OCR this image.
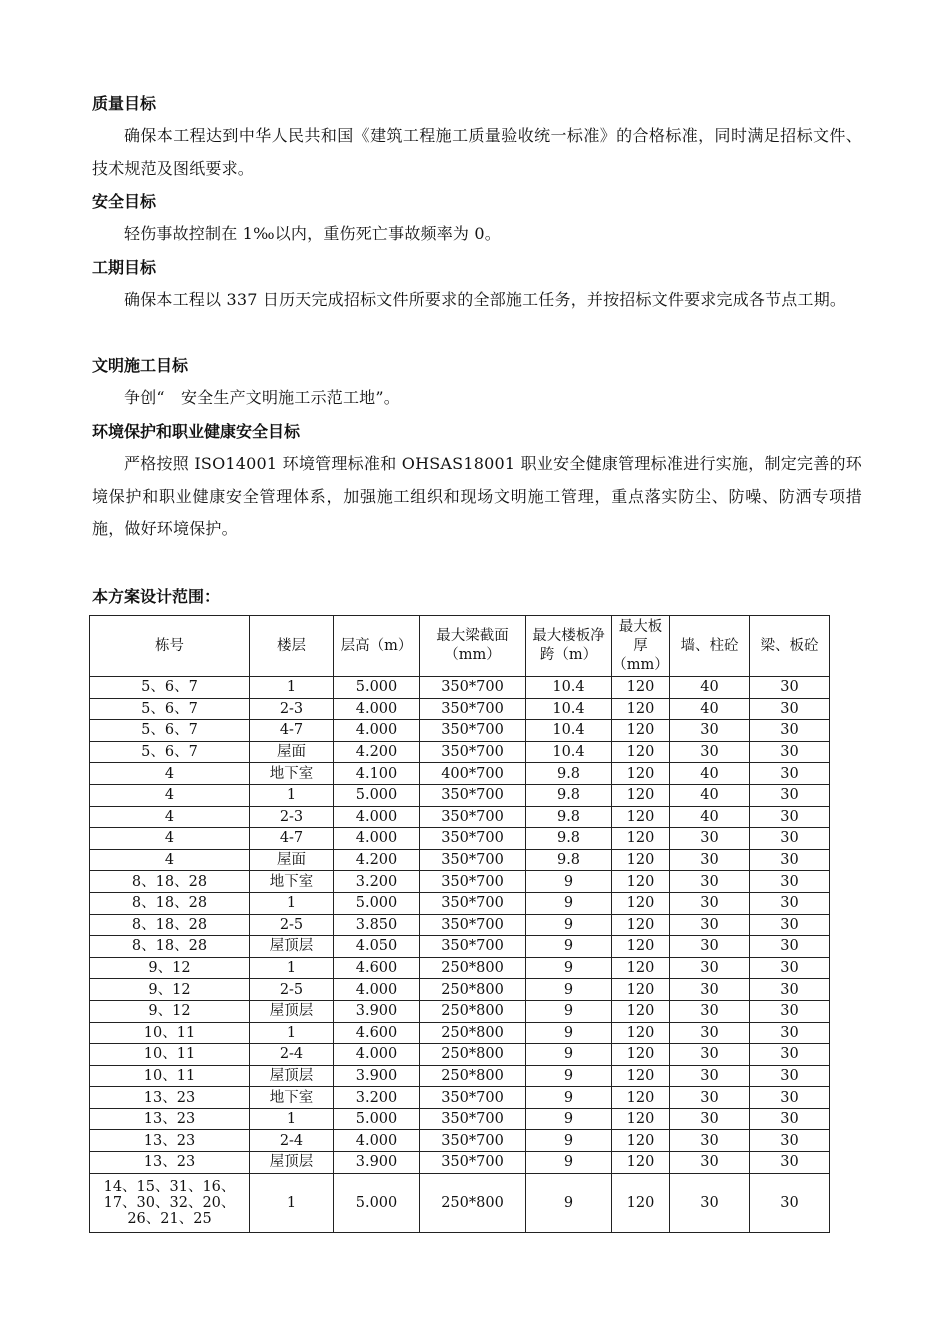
质量目标
确保本工程达到中华人民共和国《建筑工程施工质量验收统一标准》的合格标准，同时满足招标文件、技术规范及图纸要求。
安全目标
轻伤事故控制在 1‰以内，重伤死亡事故频率为 0。
工期目标
确保本工程以 337 日历天完成招标文件所要求的全部施工任务，并按招标文件要求完成各节点工期。
文明施工目标
争创“　安全生产文明施工示范工地”。
环境保护和职业健康安全目标
严格按照 ISO14001 环境管理标准和 OHSAS18001 职业安全健康管理标准进行实施，制定完善的环境保护和职业健康安全管理体系，加强施工组织和现场文明施工管理，重点落实防尘、防噪、防洒专项措施，做好环境保护。
本方案设计范围：
栋号	楼层	层高（m）	最大梁截面（mm）	最大楼板净跨（m）	最大板厚（mm）	墙、柱砼	梁、板砼
5、6、7	1	5.000	350*700	10.4	120	40	30
5、6、7	2-3	4.000	350*700	10.4	120	40	30
5、6、7	4-7	4.000	350*700	10.4	120	30	30
5、6、7	屋面	4.200	350*700	10.4	120	30	30
4	地下室	4.100	400*700	9.8	120	40	30
4	1	5.000	350*700	9.8	120	40	30
4	2-3	4.000	350*700	9.8	120	40	30
4	4-7	4.000	350*700	9.8	120	30	30
4	屋面	4.200	350*700	9.8	120	30	30
8、18、28	地下室	3.200	350*700	9	120	30	30
8、18、28	1	5.000	350*700	9	120	30	30
8、18、28	2-5	3.850	350*700	9	120	30	30
8、18、28	屋顶层	4.050	350*700	9	120	30	30
9、12	1	4.600	250*800	9	120	30	30
9、12	2-5	4.000	250*800	9	120	30	30
9、12	屋顶层	3.900	250*800	9	120	30	30
10、11	1	4.600	250*800	9	120	30	30
10、11	2-4	4.000	250*800	9	120	30	30
10、11	屋顶层	3.900	250*800	9	120	30	30
13、23	地下室	3.200	350*700	9	120	30	30
13、23	1	5.000	350*700	9	120	30	30
13、23	2-4	4.000	350*700	9	120	30	30
13、23	屋顶层	3.900	350*700	9	120	30	30
14、15、31、16、17、30、32、20、26、21、25	1	5.000	250*800	9	120	30	30
